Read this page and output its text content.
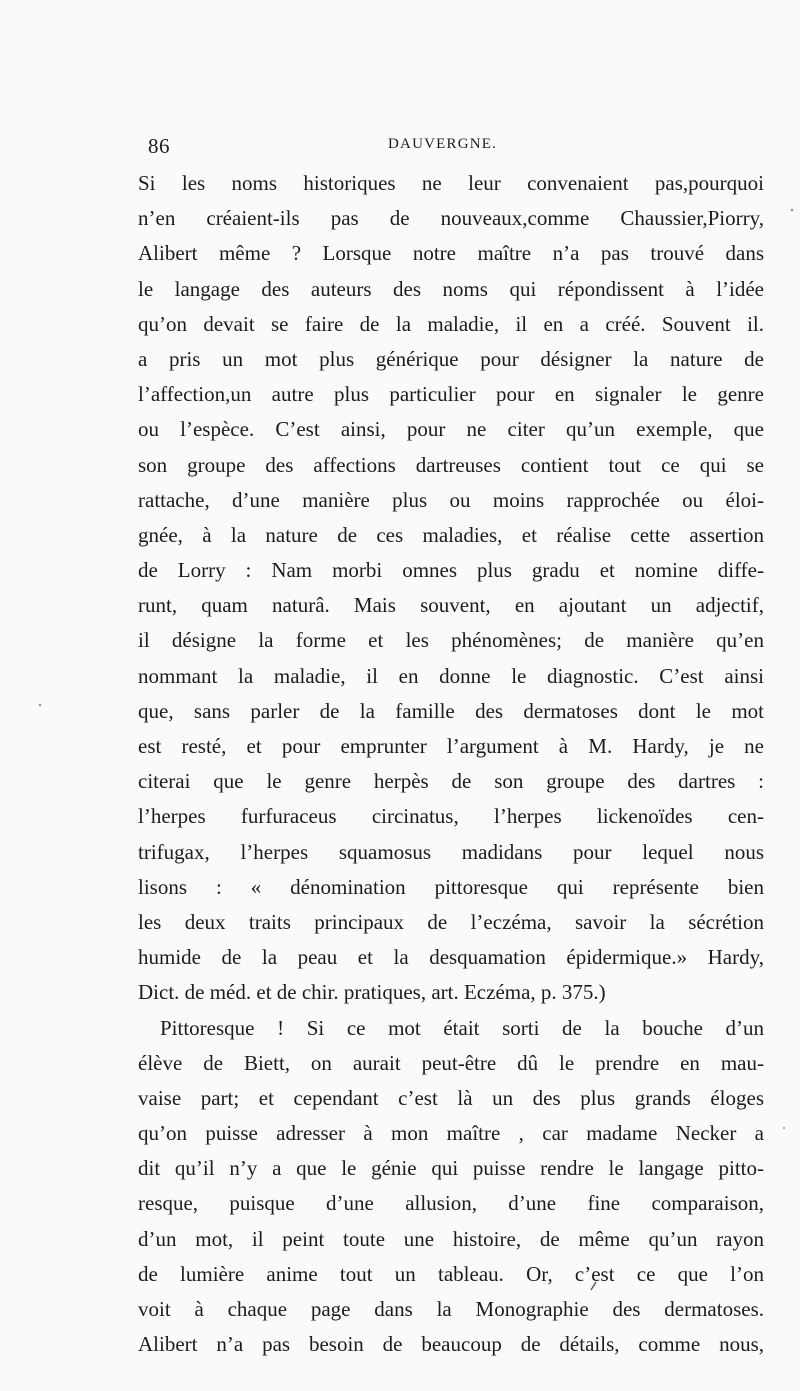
86	DAUVERGNE.
Si les noms historiques ne leur convenaient pas,pourquoi
n’en créaient-ils pas de nouveaux,comme Chaussier,Piorry,
Alibert même ? Lorsque notre maître n’a pas trouvé dans
le langage des auteurs des noms qui répondissent à l’idée
qu’on devait se faire de la maladie, il en a créé. Souvent il.
a pris un mot plus générique pour désigner la nature de
l’affection,un autre plus particulier pour en signaler le genre
ou l’espèce. C’est ainsi, pour ne citer qu’un exemple, que
son groupe des affections dartreuses contient tout ce qui se
rattache, d’une manière plus ou moins rapprochée ou éloi-
gnée, à la nature de ces maladies, et réalise cette assertion
de Lorry : Nam morbi omnes plus gradu et nomine diffe-
runt, quam naturâ. Mais souvent, en ajoutant un adjectif,
il désigne la forme et les phénomènes; de manière qu’en
nommant la maladie, il en donne le diagnostic. C’est ainsi
que, sans parler de la famille des dermatoses dont le mot
est resté, et pour emprunter l’argument à M. Hardy, je ne
citerai que le genre herpès de son groupe des dartres :
l’herpes furfuraceus circinatus, l’herpes lickenoïdes cen-
trifugax, l’herpes squamosus madidans pour lequel nous
lisons : « dénomination pittoresque qui représente bien
les deux traits principaux de l’eczéma, savoir la sécrétion
humide de la peau et la desquamation épidermique.» Hardy,
Dict. de méd. et de chir. pratiques, art. Eczéma, p. 375.)
Pittoresque ! Si ce mot était sorti de la bouche d’un
élève de Biett, on aurait peut-être dû le prendre en mau-
vaise part; et cependant c’est là un des plus grands éloges
qu’on puisse adresser à mon maître , car madame Necker a
dit qu’il n’y a que le génie qui puisse rendre le langage pitto-
resque, puisque d’une allusion, d’une fine comparaison,
d’un mot, il peint toute une histoire, de même qu’un rayon
de lumière anime tout un tableau. Or, c’est ce que l’on
voit à chaque page dans la Monographie des dermatoses.
Alibert n’a pas besoin de beaucoup de détails, comme nous,
